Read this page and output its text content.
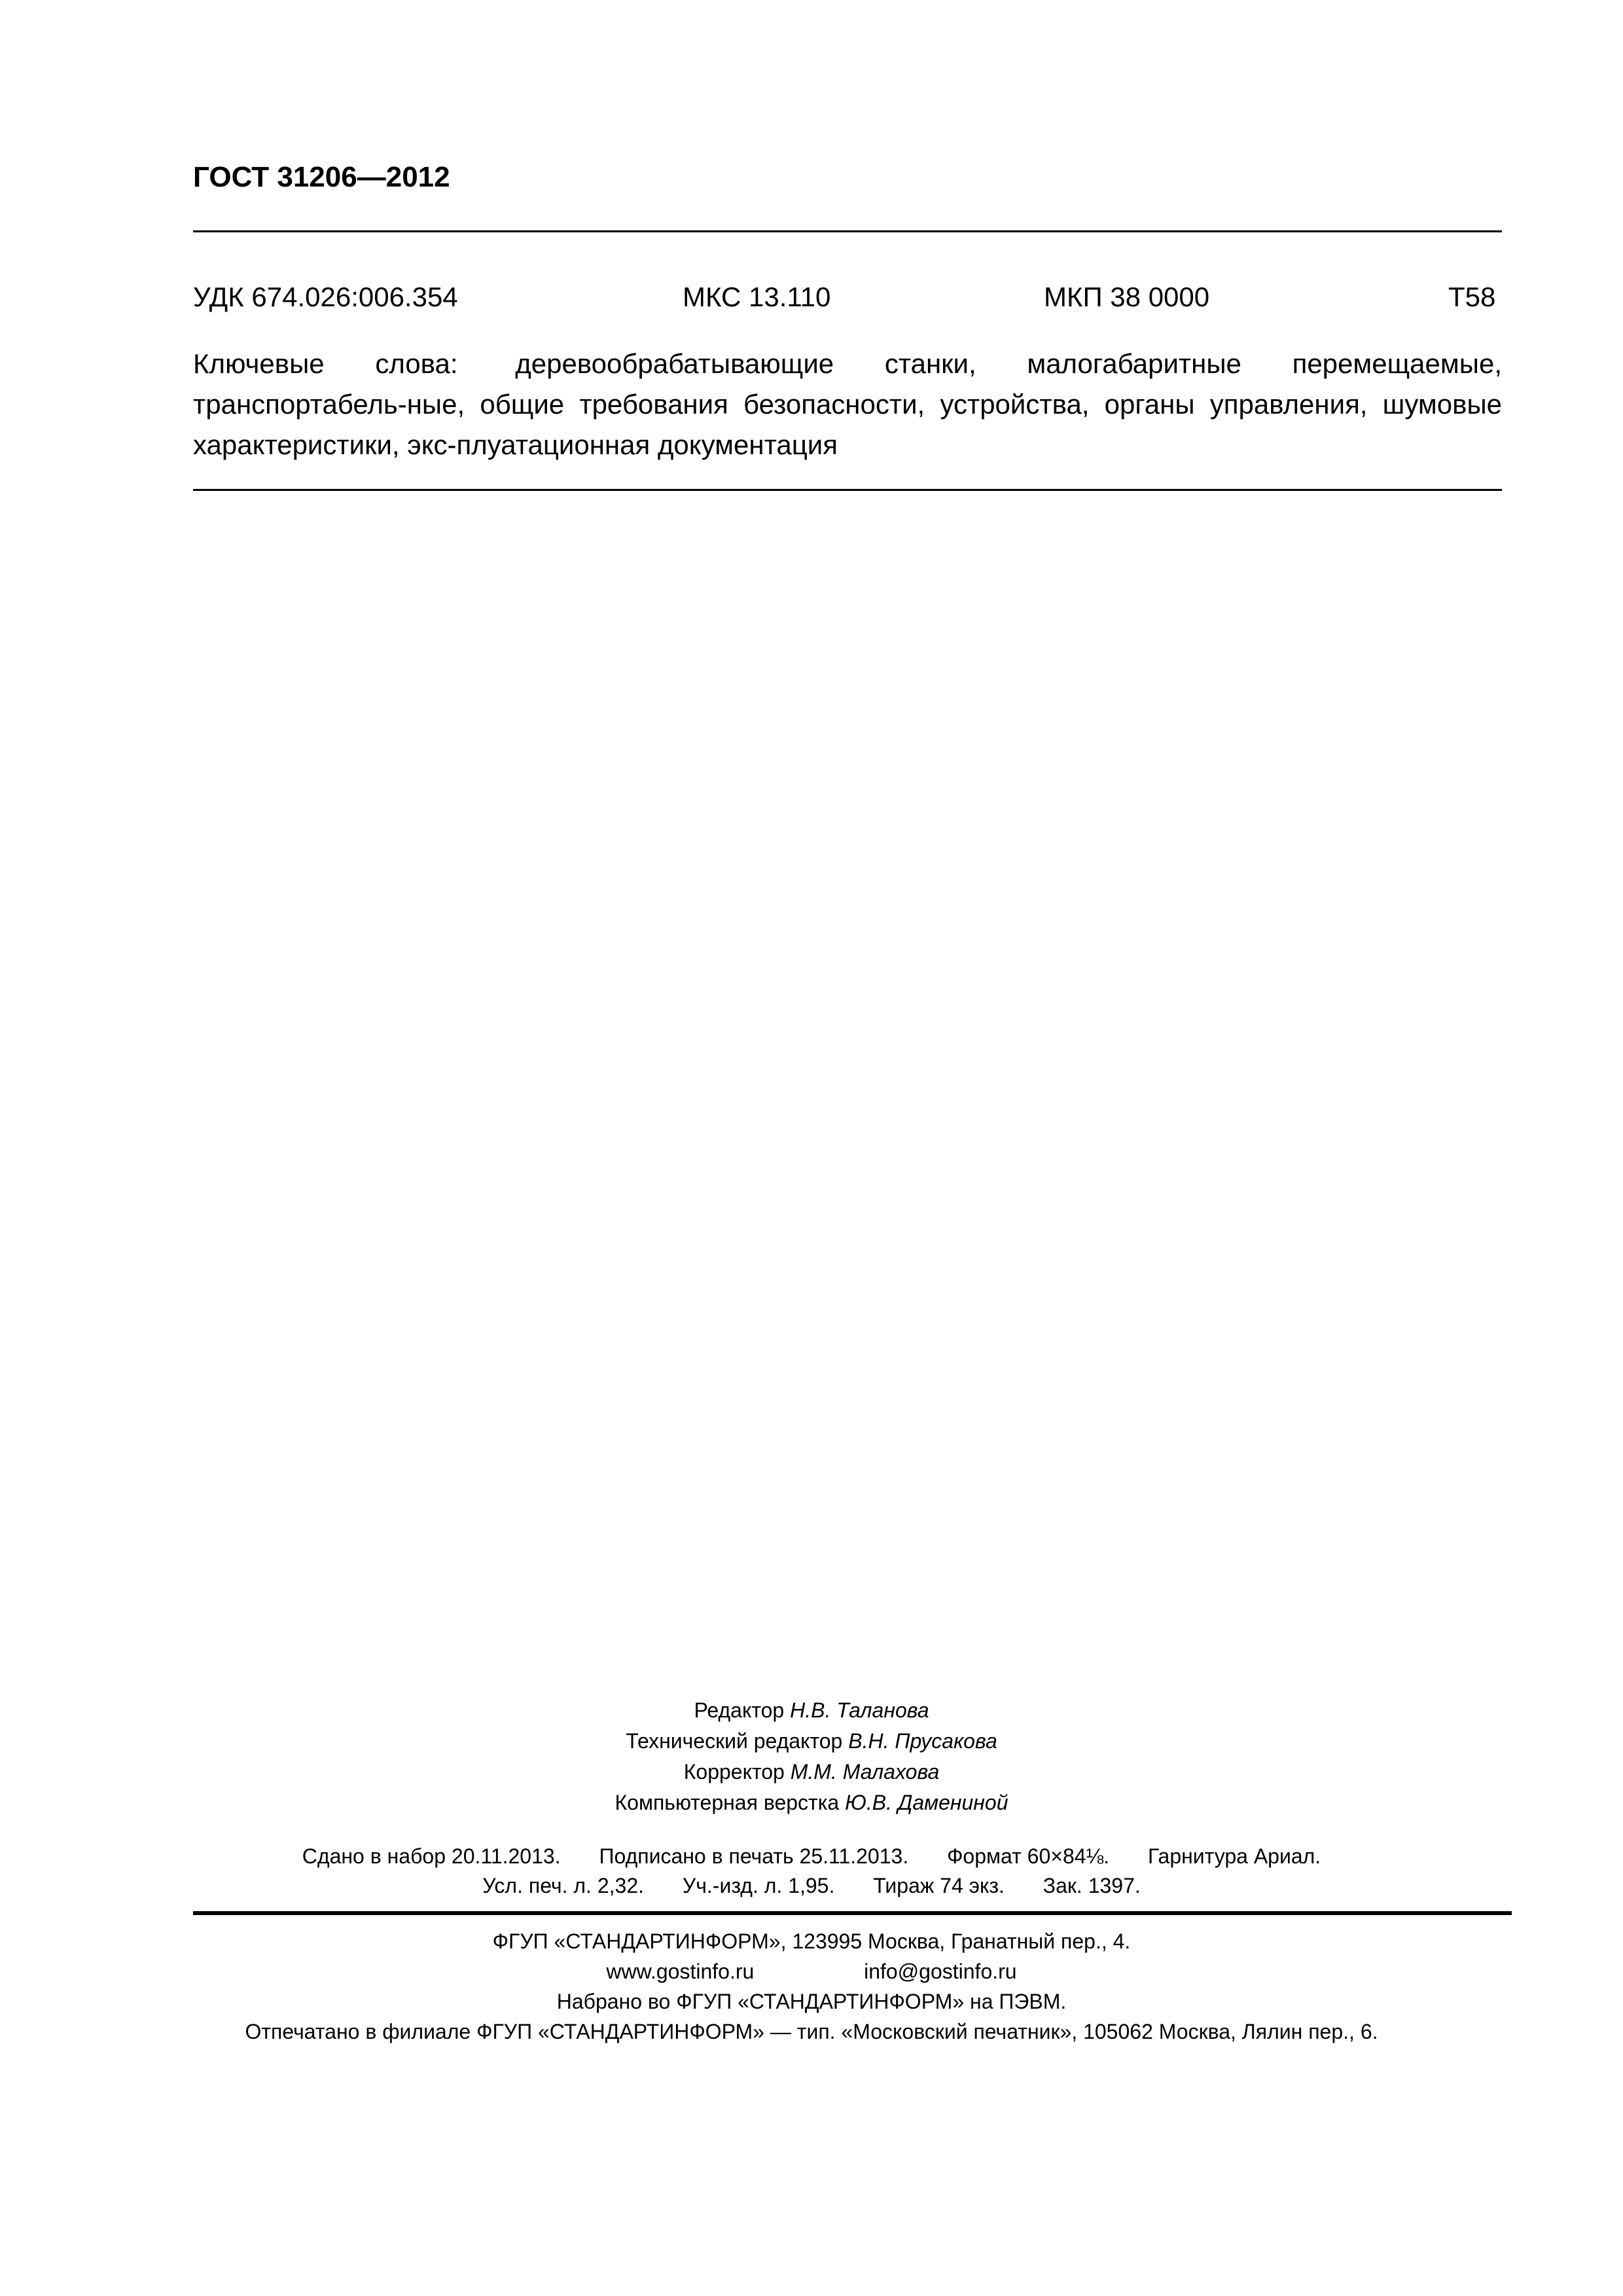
ГОСТ 31206—2012
УДК 674.026:006.354	МКС 13.110	МКП 38 0000	Т58
Ключевые слова: деревообрабатывающие станки, малогабаритные перемещаемые, транспортабель-ные, общие требования безопасности, устройства, органы управления, шумовые характеристики, экс-плуатационная документация
Редактор Н.В. Таланова
Технический редактор В.Н. Прусакова
Корректор М.М. Малахова
Компьютерная верстка Ю.В. Дамениной
Сдано в набор 20.11.2013. Подписано в печать 25.11.2013. Формат 60×84⅛. Гарнитура Ариал.
Усл. печ. л. 2,32. Уч.-изд. л. 1,95. Тираж 74 экз. Зак. 1397.
ФГУП «СТАНДАРТИНФОРМ», 123995 Москва, Гранатный пер., 4.
www.gostinfo.ru	info@gostinfo.ru
Набрано во ФГУП «СТАНДАРТИНФОРМ» на ПЭВМ.
Отпечатано в филиале ФГУП «СТАНДАРТИНФОРМ» — тип. «Московский печатник», 105062 Москва, Лялин пер., 6.
